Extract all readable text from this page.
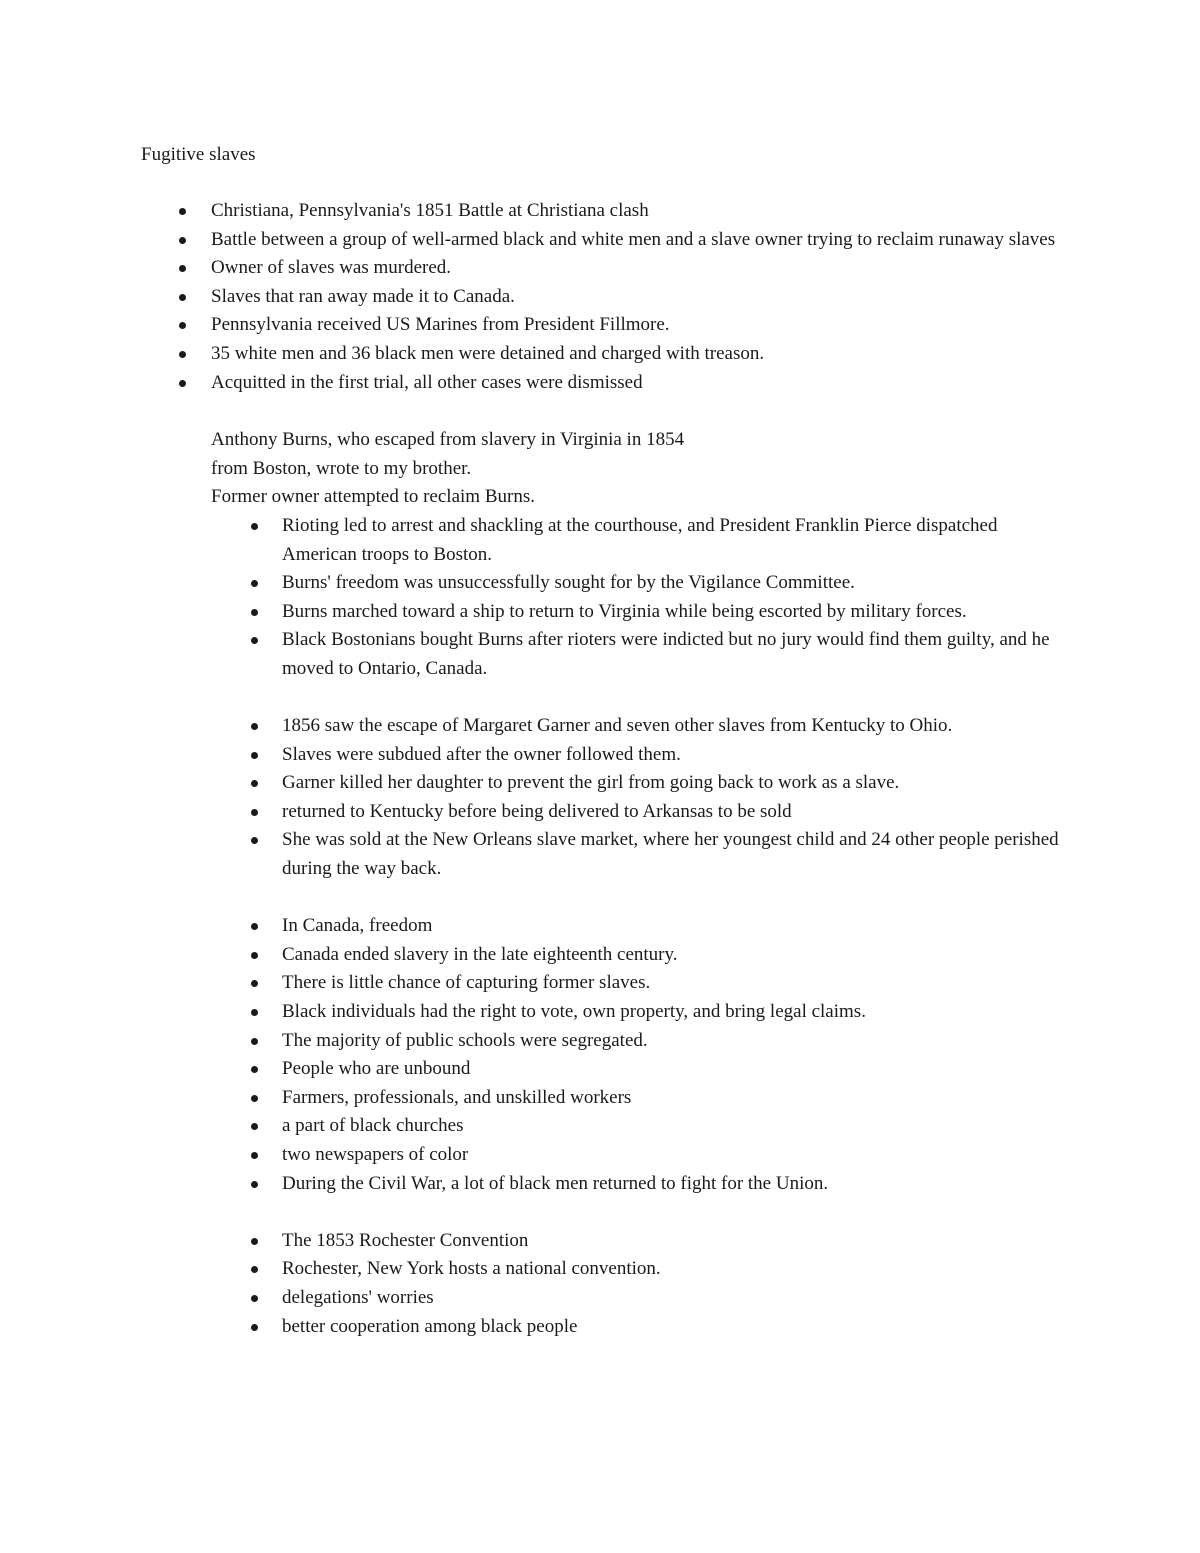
Fugitive slaves
Christiana, Pennsylvania's 1851 Battle at Christiana clash
Battle between a group of well-armed black and white men and a slave owner trying to reclaim runaway slaves
Owner of slaves was murdered.
Slaves that ran away made it to Canada.
Pennsylvania received US Marines from President Fillmore.
35 white men and 36 black men were detained and charged with treason.
Acquitted in the first trial, all other cases were dismissed
Anthony Burns, who escaped from slavery in Virginia in 1854
from Boston, wrote to my brother.
Former owner attempted to reclaim Burns.
Rioting led to arrest and shackling at the courthouse, and President Franklin Pierce dispatched American troops to Boston.
Burns' freedom was unsuccessfully sought for by the Vigilance Committee.
Burns marched toward a ship to return to Virginia while being escorted by military forces.
Black Bostonians bought Burns after rioters were indicted but no jury would find them guilty, and he moved to Ontario, Canada.
1856 saw the escape of Margaret Garner and seven other slaves from Kentucky to Ohio.
Slaves were subdued after the owner followed them.
Garner killed her daughter to prevent the girl from going back to work as a slave.
returned to Kentucky before being delivered to Arkansas to be sold
She was sold at the New Orleans slave market, where her youngest child and 24 other people perished during the way back.
In Canada, freedom
Canada ended slavery in the late eighteenth century.
There is little chance of capturing former slaves.
Black individuals had the right to vote, own property, and bring legal claims.
The majority of public schools were segregated.
People who are unbound
Farmers, professionals, and unskilled workers
a part of black churches
two newspapers of color
During the Civil War, a lot of black men returned to fight for the Union.
The 1853 Rochester Convention
Rochester, New York hosts a national convention.
delegations' worries
better cooperation among black people
